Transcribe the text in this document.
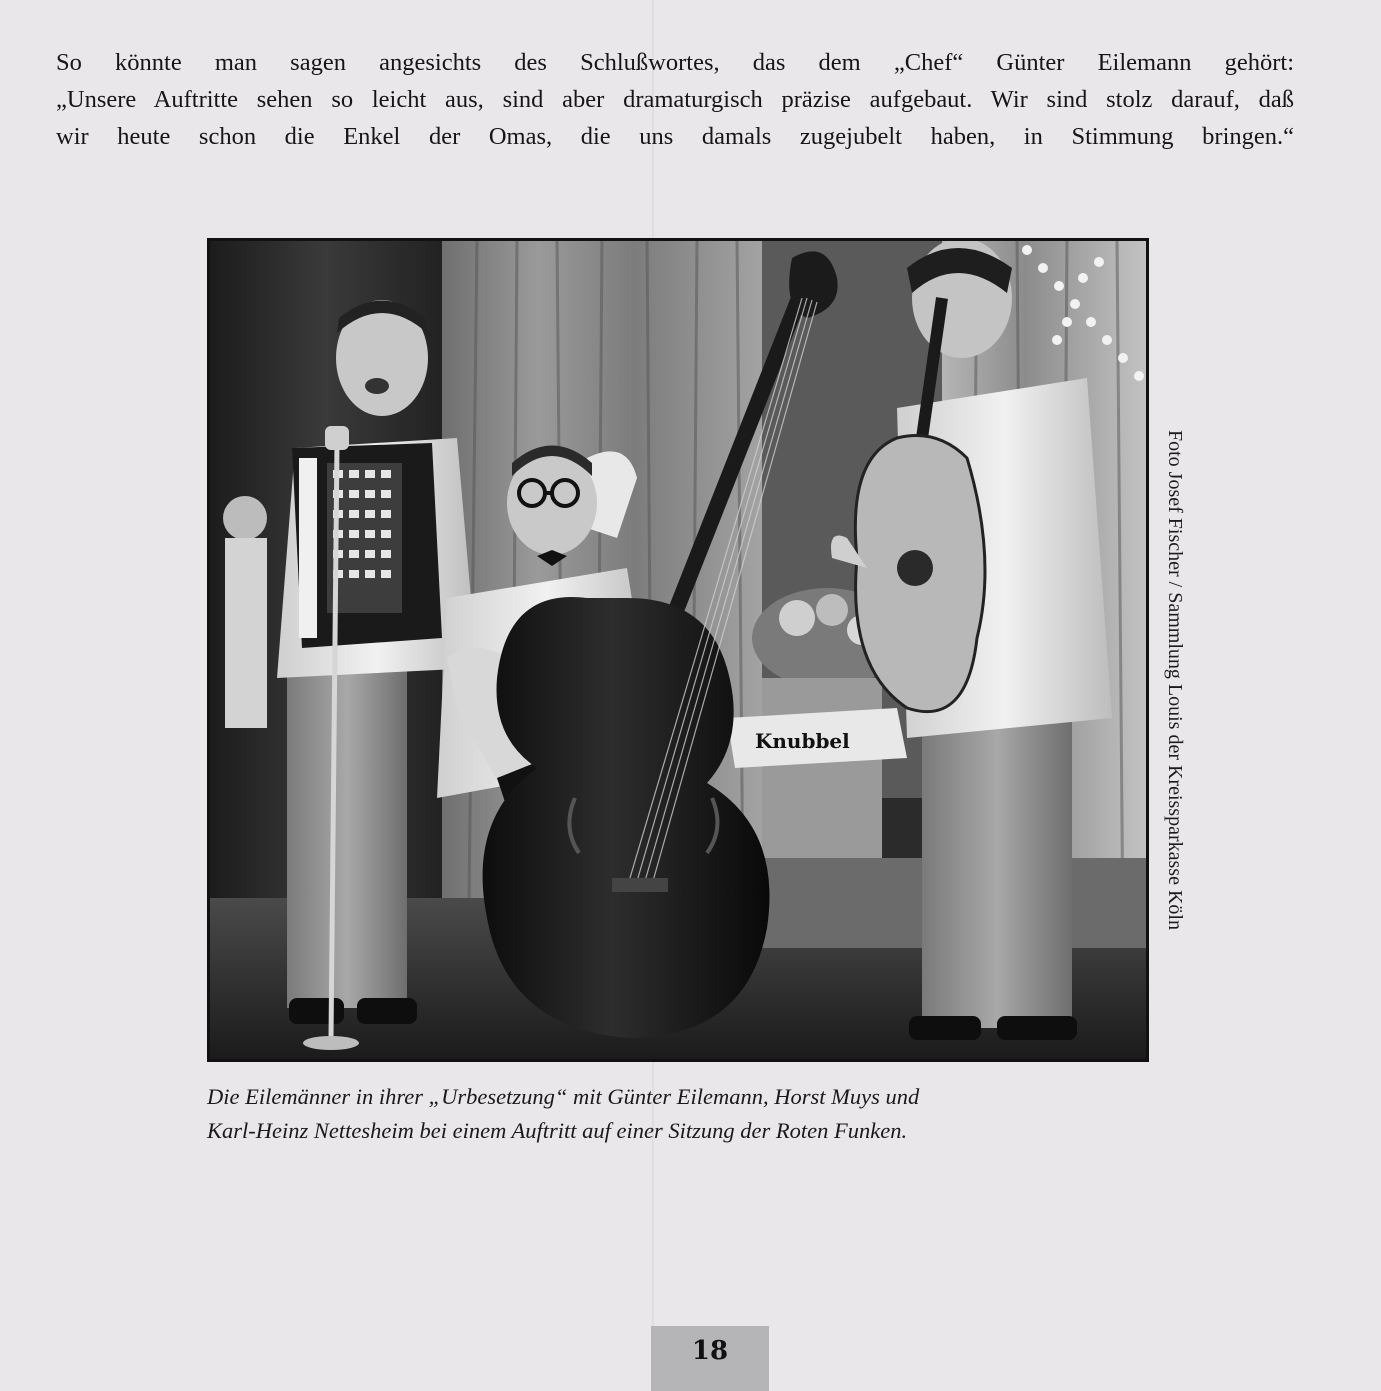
So könnte man sagen angesichts des Schlußwortes, das dem „Chef“ Günter Eilemann gehört:
„Unsere Auftritte sehen so leicht aus, sind aber dramaturgisch präzise aufgebaut. Wir sind stolz darauf, daß
wir heute schon die Enkel der Omas, die uns damals zugejubelt haben, in Stimmung bringen.“

Knubbel	Foto Josef Fischer / Sammlung Louis der Kreissparkasse Köln

Die Eilemänner in ihrer „Urbesetzung“ mit Günter Eilemann, Horst Muys und
Karl-Heinz Nettesheim bei einem Auftritt auf einer Sitzung der Roten Funken.

18
